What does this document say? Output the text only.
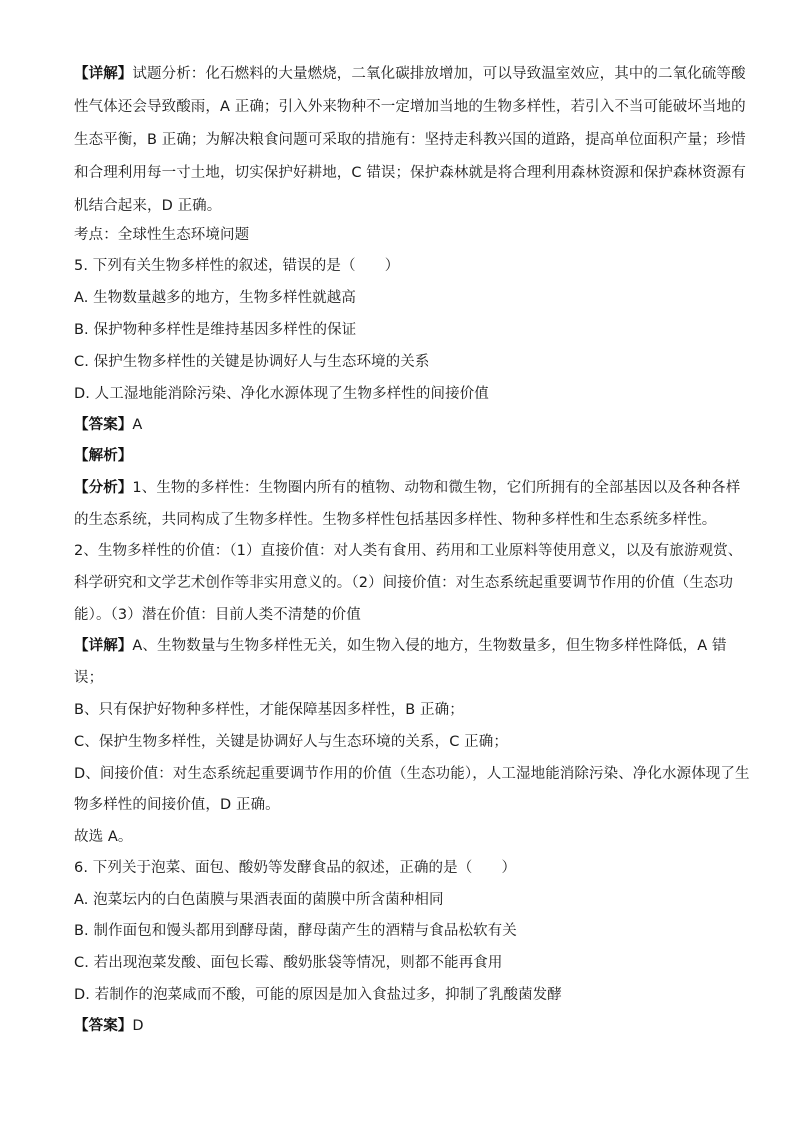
【详解】试题分析：化石燃料的大量燃烧，二氧化碳排放增加，可以导致温室效应，其中的二氧化硫等酸
性气体还会导致酸雨，A 正确；引入外来物种不一定增加当地的生物多样性，若引入不当可能破坏当地的
生态平衡，B 正确；为解决粮食问题可采取的措施有：坚持走科教兴国的道路，提高单位面积产量；珍惜
和合理利用每一寸土地，切实保护好耕地，C 错误；保护森林就是将合理利用森林资源和保护森林资源有
机结合起来，D 正确。
考点：全球性生态环境问题
5. 下列有关生物多样性的叙述，错误的是（　　）
A. 生物数量越多的地方，生物多样性就越高
B. 保护物种多样性是维持基因多样性的保证
C. 保护生物多样性的关键是协调好人与生态环境的关系
D. 人工湿地能消除污染、净化水源体现了生物多样性的间接价值
【答案】A
【解析】
【分析】1、生物的多样性：生物圈内所有的植物、动物和微生物，它们所拥有的全部基因以及各种各样
的生态系统，共同构成了生物多样性。生物多样性包括基因多样性、物种多样性和生态系统多样性。
2、生物多样性的价值：（1）直接价值：对人类有食用、药用和工业原料等使用意义，以及有旅游观赏、
科学研究和文学艺术创作等非实用意义的。（2）间接价值：对生态系统起重要调节作用的价值（生态功
能）。（3）潜在价值：目前人类不清楚的价值
【详解】A、生物数量与生物多样性无关，如生物入侵的地方，生物数量多，但生物多样性降低，A 错
误；
B、只有保护好物种多样性，才能保障基因多样性，B 正确；
C、保护生物多样性，关键是协调好人与生态环境的关系，C 正确；
D、间接价值：对生态系统起重要调节作用的价值（生态功能），人工湿地能消除污染、净化水源体现了生
物多样性的间接价值，D 正确。
故选 A。
6. 下列关于泡菜、面包、酸奶等发酵食品的叙述，正确的是（　　）
A. 泡菜坛内的白色菌膜与果酒表面的菌膜中所含菌种相同
B. 制作面包和馒头都用到酵母菌，酵母菌产生的酒精与食品松软有关
C. 若出现泡菜发酸、面包长霉、酸奶胀袋等情况，则都不能再食用
D. 若制作的泡菜咸而不酸，可能的原因是加入食盐过多，抑制了乳酸菌发酵
【答案】D
